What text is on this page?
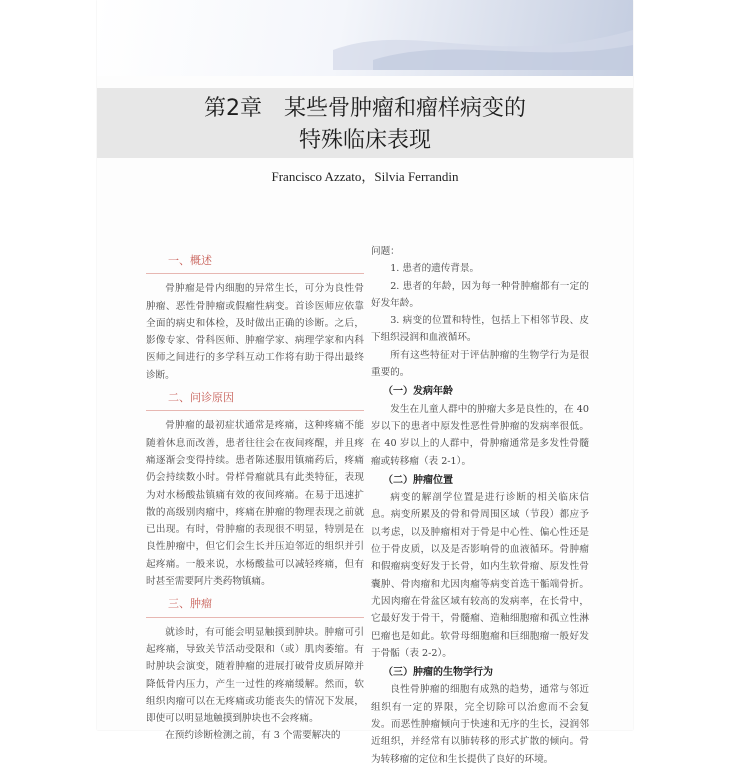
第2章　某些骨肿瘤和瘤样病变的
特殊临床表现
Francisco Azzato，Silvia Ferrandin
一、概述

骨肿瘤是骨内细胞的异常生长，可分为良性骨肿瘤、恶性骨肿瘤或假瘤性病变。首诊医师应依靠全面的病史和体检，及时做出正确的诊断。之后，影像专家、骨科医师、肿瘤学家、病理学家和内科医师之间进行的多学科互动工作将有助于得出最终诊断。

二、问诊原因

骨肿瘤的最初症状通常是疼痛，这种疼痛不能随着休息而改善，患者往往会在夜间疼醒，并且疼痛逐渐会变得持续。患者陈述服用镇痛药后，疼痛仍会持续数小时。骨样骨瘤就具有此类特征，表现为对水杨酸盐镇痛有效的夜间疼痛。在易于迅速扩散的高级别肉瘤中，疼痛在肿瘤的物理表现之前就已出现。有时，骨肿瘤的表现很不明显，特别是在良性肿瘤中，但它们会生长并压迫邻近的组织并引起疼痛。一般来说，水杨酸盐可以减轻疼痛，但有时甚至需要阿片类药物镇痛。

三、肿瘤

就诊时，有可能会明显触摸到肿块。肿瘤可引起疼痛，导致关节活动受限和（或）肌肉萎缩。有时肿块会演变，随着肿瘤的进展打破骨皮质屏障并降低骨内压力，产生一过性的疼痛缓解。然而，软组织肉瘤可以在无疼痛或功能丧失的情况下发展，即使可以明显地触摸到肿块也不会疼痛。

在预约诊断检测之前，有 3 个需要解决的

问题：

1. 患者的遗传背景。

2. 患者的年龄，因为每一种骨肿瘤都有一定的好发年龄。

3. 病变的位置和特性，包括上下相邻节段、皮下组织浸润和血液循环。

所有这些特征对于评估肿瘤的生物学行为是很重要的。

（一）发病年龄

发生在儿童人群中的肿瘤大多是良性的，在 40 岁以下的患者中原发性恶性骨肿瘤的发病率很低。在 40 岁以上的人群中，骨肿瘤通常是多发性骨髓瘤或转移瘤（表 2-1）。

（二）肿瘤位置

病变的解剖学位置是进行诊断的相关临床信息。病变所累及的骨和骨周围区域（节段）都应予以考虑，以及肿瘤相对于骨是中心性、偏心性还是位于骨皮质，以及是否影响骨的血液循环。骨肿瘤和假瘤病变好发于长骨，如内生软骨瘤、原发性骨囊肿、骨肉瘤和尤因肉瘤等病变首选干骺端骨折。尤因肉瘤在骨盆区域有较高的发病率，在长骨中，它最好发于骨干，骨髓瘤、造釉细胞瘤和孤立性淋巴瘤也是如此。软骨母细胞瘤和巨细胞瘤一般好发于骨骺（表 2-2）。

（三）肿瘤的生物学行为

良性骨肿瘤的细胞有成熟的趋势，通常与邻近组织有一定的界限，完全切除可以治愈而不会复发。而恶性肿瘤倾向于快速和无序的生长，浸润邻近组织，并经常有以肺转移的形式扩散的倾向。骨为转移瘤的定位和生长提供了良好的环境。
